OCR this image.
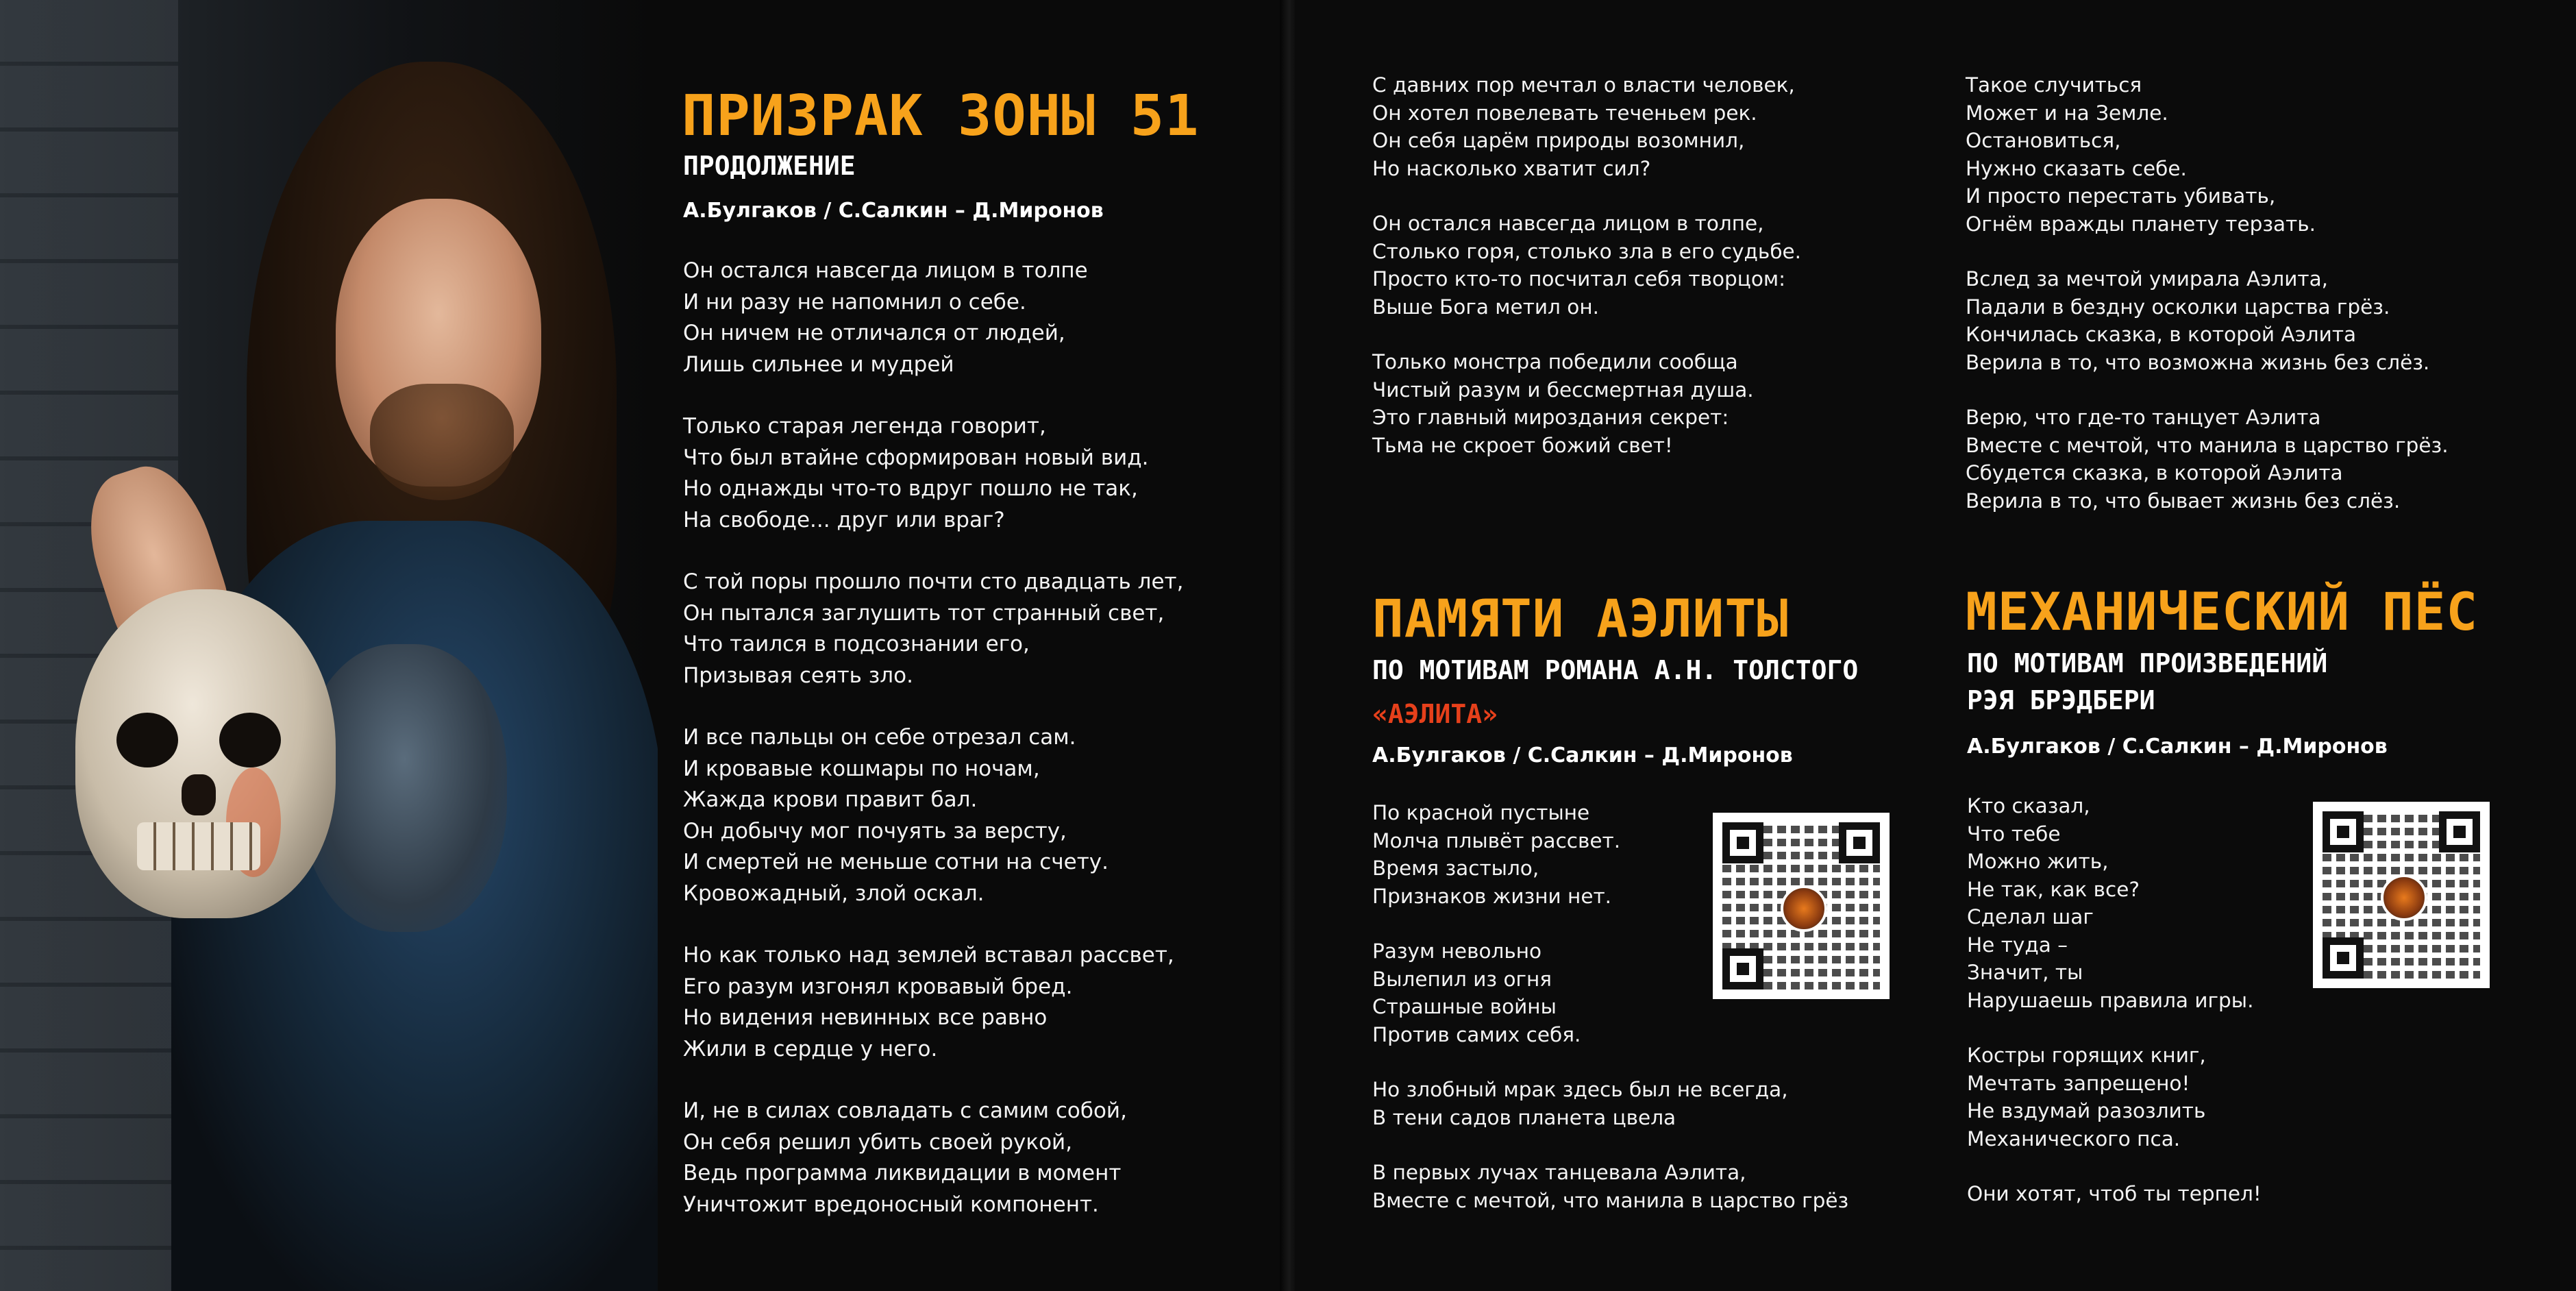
ПРИЗРАК ЗОНЫ 51
ПРОДОЛЖЕНИЕ
А.Булгаков / С.Салкин – Д.Миронов
Он остался навсегда лицом в толпе
И ни разу не напомнил о себе.
Он ничем не отличался от людей,
Лишь сильнее и мудрей
Только старая легенда говорит,
Что был втайне сформирован новый вид.
Но однажды что-то вдруг пошло не так,
На свободе... друг или враг?
С той поры прошло почти сто двадцать лет,
Он пытался заглушить тот странный свет,
Что таился в подсознании его,
Призывая сеять зло.
И все пальцы он себе отрезал сам.
И кровавые кошмары по ночам,
Жажда крови правит бал.
Он добычу мог почуять за версту,
И смертей не меньше сотни на счету.
Кровожадный, злой оскал.
Но как только над землей вставал рассвет,
Его разум изгонял кровавый бред.
Но видения невинных все равно
Жили в сердце у него.
И, не в силах совладать с самим собой,
Он себя решил убить своей рукой,
Ведь программа ликвидации в момент
Уничтожит вредоносный компонент.
С давних пор мечтал о власти человек,
Он хотел повелевать теченьем рек.
Он себя царём природы возомнил,
Но насколько хватит сил?
Он остался навсегда лицом в толпе,
Столько горя, столько зла в его судьбе.
Просто кто-то посчитал себя творцом:
Выше Бога метил он.
Только монстра победили сообща
Чистый разум и бессмертная душа.
Это главный мироздания секрет:
Тьма не скроет божий свет!
Такое случиться
Может и на Земле.
Остановиться,
Нужно сказать себе.
И просто перестать убивать,
Огнём вражды планету терзать.
Вслед за мечтой умирала Аэлита,
Падали в бездну осколки царства грёз.
Кончилась сказка, в которой Аэлита
Верила в то, что возможна жизнь без слёз.
Верю, что где-то танцует Аэлита
Вместе с мечтой, что манила в царство грёз.
Сбудется сказка, в которой Аэлита
Верила в то, что бывает жизнь без слёз.
ПАМЯТИ АЭЛИТЫ
ПО МОТИВАМ РОМАНА А.Н. ТОЛСТОГО
«АЭЛИТА»
А.Булгаков / С.Салкин – Д.Миронов
По красной пустыне
Молча плывёт рассвет.
Время застыло,
Признаков жизни нет.
Разум невольно
Вылепил из огня
Страшные войны
Против самих себя.
Но злобный мрак здесь был не всегда,
В тени садов планета цвела
В первых лучах танцевала Аэлита,
Вместе с мечтой, что манила в царство грёз
МЕХАНИЧЕСКИЙ ПЁС
ПО МОТИВАМ ПРОИЗВЕДЕНИЙ
РЭЯ БРЭДБЕРИ
А.Булгаков / С.Салкин – Д.Миронов
Кто сказал,
Что тебе
Можно жить,
Не так, как все?
Сделал шаг
Не туда –
Значит, ты
Нарушаешь правила игры.
Костры горящих книг,
Мечтать запрещено!
Не вздумай разозлить
Механического пса.
Они хотят, чтоб ты терпел!
